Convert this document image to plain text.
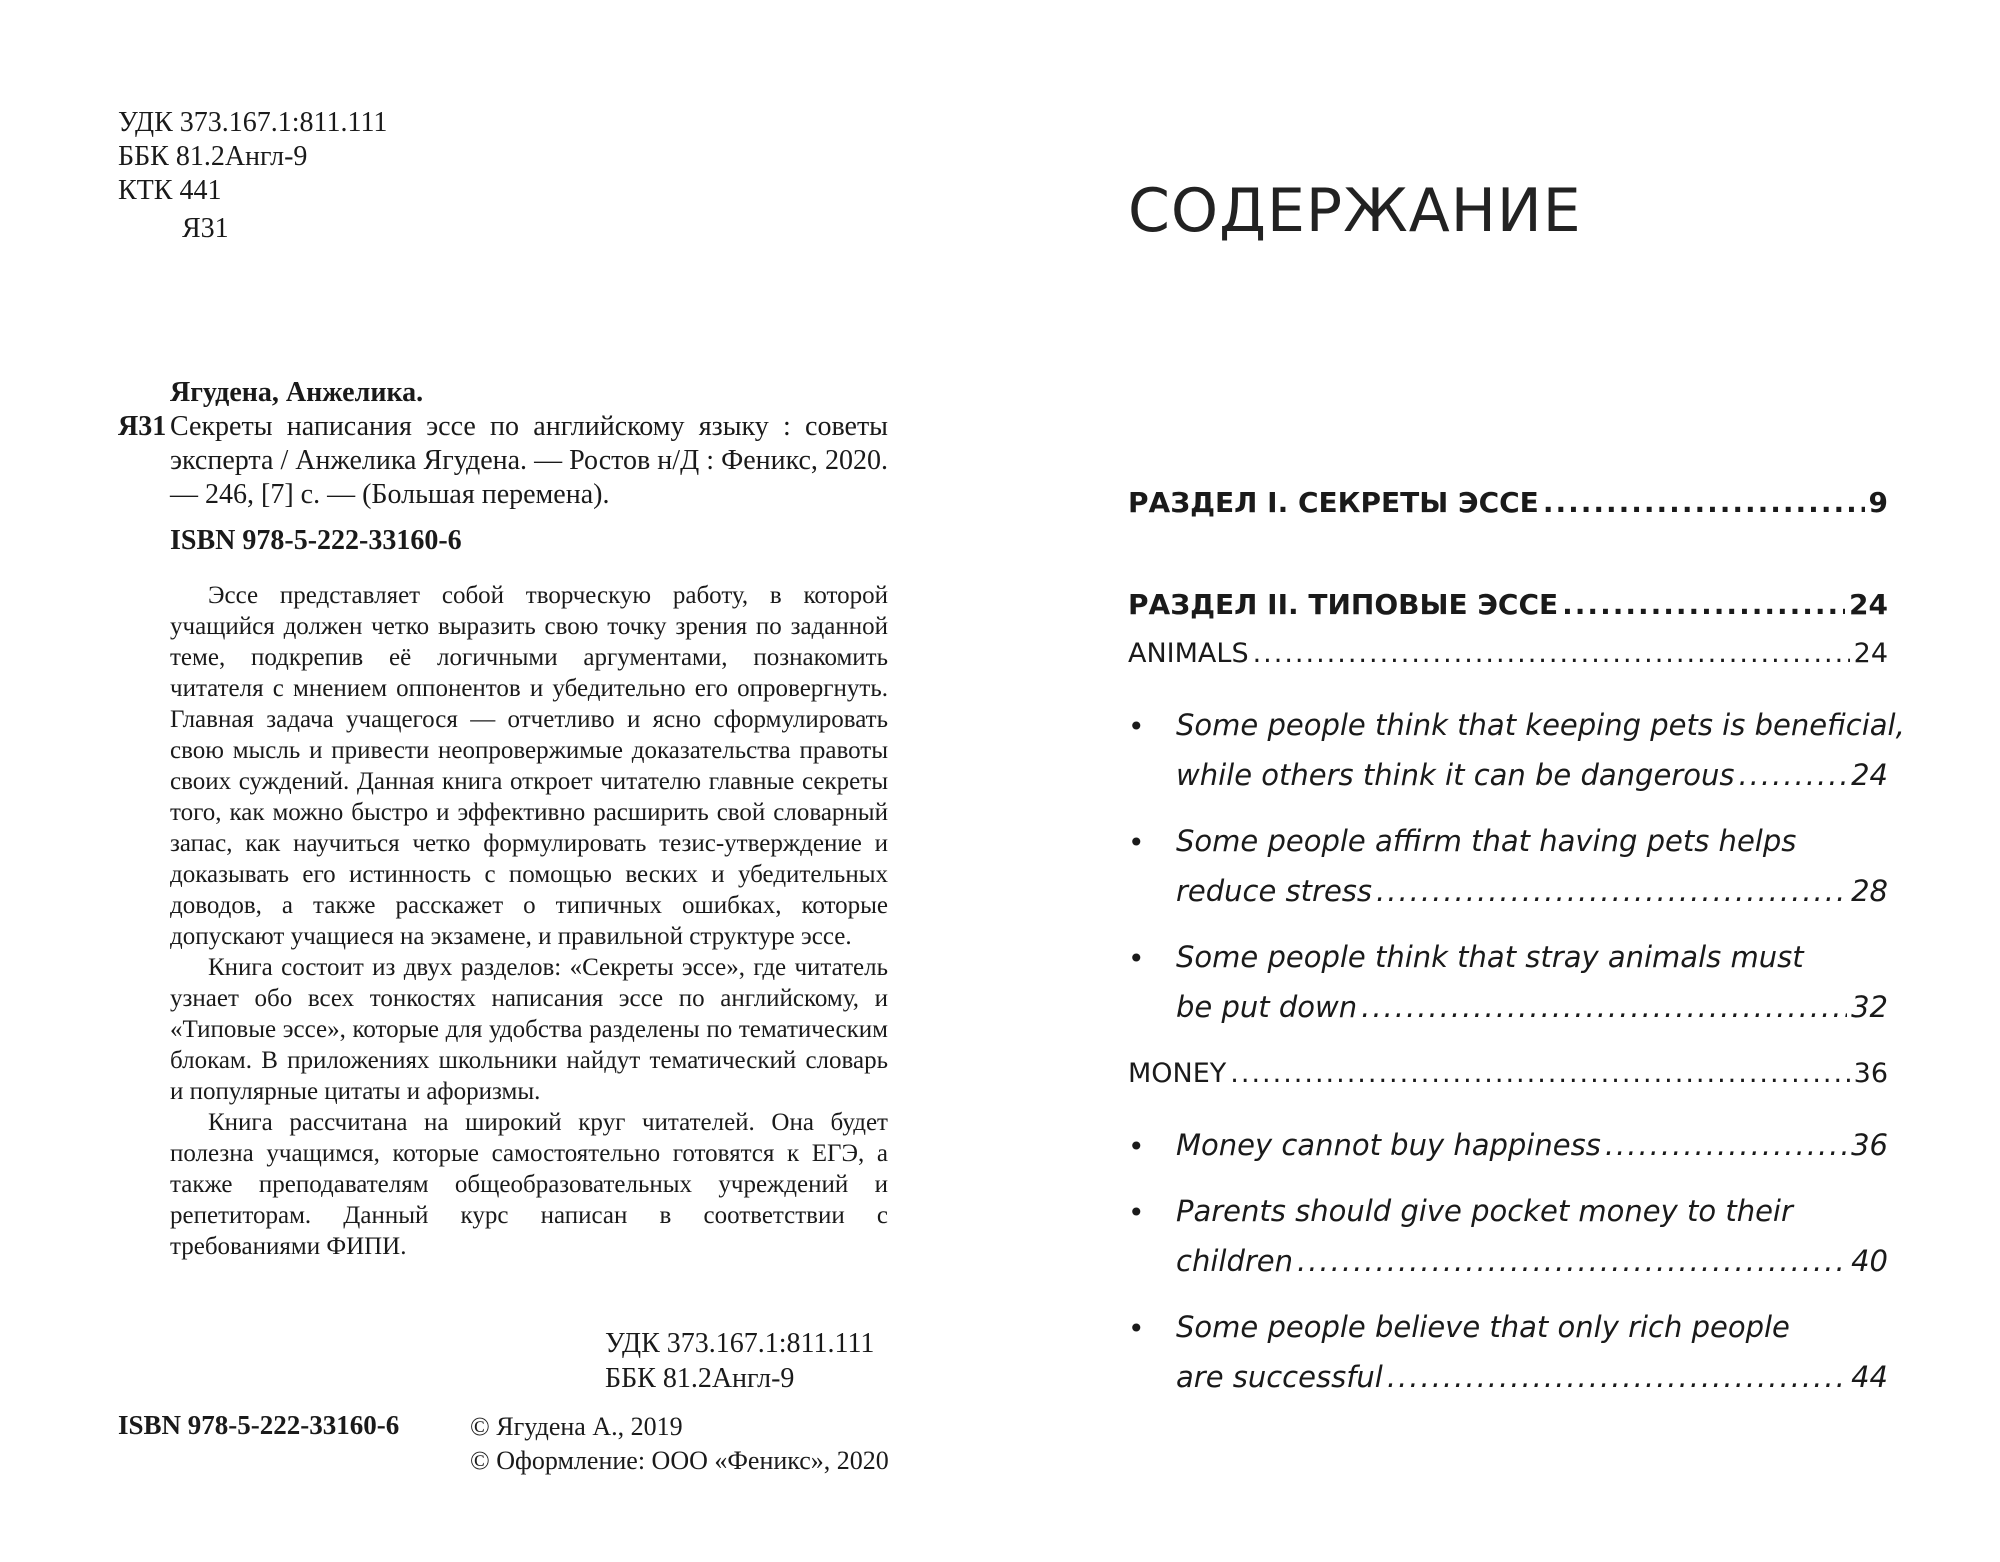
УДК 373.167.1:811.111
ББК 81.2Англ-9
КТК 441
Я31
Ягудена, Анжелика.
Я31 Секреты написания эссе по английскому языку : советы эксперта / Анжелика Ягудена. — Ростов н/Д : Феникс, 2020. — 246, [7] с. — (Большая перемена).
ISBN 978-5-222-33160-6

Эссе представляет собой творческую работу, в которой учащийся должен четко выразить свою точку зрения по заданной теме, подкрепив её логичными аргументами, познакомить читателя с мнением оппонентов и убедительно его опровергнуть. Главная задача учащегося — отчетливо и ясно сформулировать свою мысль и привести неопровержимые доказательства правоты своих суждений. Данная книга откроет читателю главные секреты того, как можно быстро и эффективно расширить свой словарный запас, как научиться четко формулировать тезис-утверждение и доказывать его истинность с помощью веских и убедительных доводов, а также расскажет о типичных ошибках, которые допускают учащиеся на экзамене, и правильной структуре эссе.

Книга состоит из двух разделов: «Секреты эссе», где читатель узнает обо всех тонкостях написания эссе по английскому, и «Типовые эссе», которые для удобства разделены по тематическим блокам. В приложениях школьники найдут тематический словарь и популярные цитаты и афоризмы.

Книга рассчитана на широкий круг читателей. Она будет полезна учащимся, которые самостоятельно готовятся к ЕГЭ, а также преподавателям общеобразовательных учреждений и репетиторам. Данный курс написан в соответствии с требованиями ФИПИ.

УДК 373.167.1:811.111
ББК 81.2Англ-9
ISBN 978-5-222-33160-6	© Ягудена А., 2019
© Оформление: ООО «Феникс», 2020
СОДЕРЖАНИЕ
РАЗДЕЛ I. СЕКРЕТЫ ЭССЕ .....	9
РАЗДЕЛ II. ТИПОВЫЕ ЭССЕ .....	24
ANIMALS .....	24
• Some people think that keeping pets is beneficial,
while others think it can be dangerous .....	24
• Some people affirm that having pets helps
reduce stress .....	28
• Some people think that stray animals must
be put down .....	32
MONEY .....	36
• Money cannot buy happiness .....	36
• Parents should give pocket money to their
children .....	40
• Some people believe that only rich people
are successful .....	44
